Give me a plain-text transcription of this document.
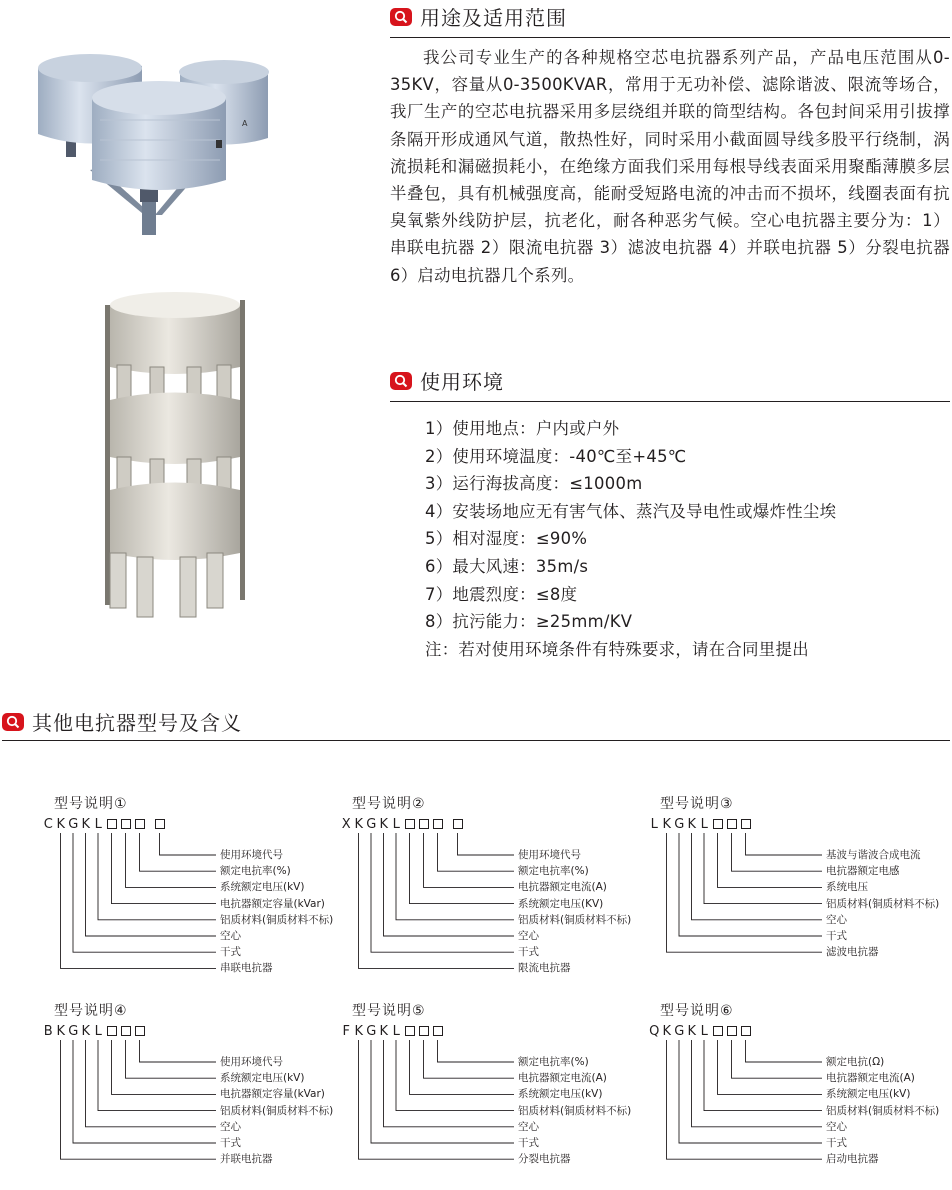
A
用途及适用范围
我公司专业生产的各种规格空芯电抗器系列产品，产品电压范围从0-35KV，容量从0-3500KVAR，常用于无功补偿、滤除谐波、限流等场合，我厂生产的空芯电抗器采用多层绕组并联的筒型结构。各包封间采用引拔撑条隔开形成通风气道，散热性好，同时采用小截面圆导线多股平行绕制，涡流损耗和漏磁损耗小，在绝缘方面我们采用每根导线表面采用聚酯薄膜多层半叠包，具有机械强度高，能耐受短路电流的冲击而不损坏，线圈表面有抗臭氧紫外线防护层，抗老化，耐各种恶劣气候。空心电抗器主要分为：1）串联电抗器 2）限流电抗器 3）滤波电抗器 4）并联电抗器 5）分裂电抗器 6）启动电抗器几个系列。
使用环境
1）使用地点：户内或户外
2）使用环境温度：-40℃至+45℃
3）运行海拔高度：≤1000m
4）安装场地应无有害气体、蒸汽及导电性或爆炸性尘埃
5）相对湿度：≤90%
6）最大风速：35m/s
7）地震烈度：≤8度
8）抗污能力：≥25mm/KV
注：若对使用环境条件有特殊要求，请在合同里提出
其他电抗器型号及含义
型号说明①
C K G K L
使用环境代号
额定电抗率(%)
系统额定电压(kV)
电抗器额定容量(kVar)
铝质材料(铜质材料不标)
空心
干式
串联电抗器
型号说明②
X K G K L
使用环境代号
额定电抗率(%)
电抗器额定电流(A)
系统额定电压(KV)
铝质材料(铜质材料不标)
空心
干式
限流电抗器
型号说明③
L K G K L
基波与谐波合成电流
电抗器额定电感
系统电压
铝质材料(铜质材料不标)
空心
干式
滤波电抗器
型号说明④
B K G K L
使用环境代号
系统额定电压(kV)
电抗器额定容量(kVar)
铝质材料(铜质材料不标)
空心
干式
并联电抗器
型号说明⑤
F K G K L
额定电抗率(%)
电抗器额定电流(A)
系统额定电压(kV)
铝质材料(铜质材料不标)
空心
干式
分裂电抗器
型号说明⑥
Q K G K L
额定电抗(Ω)
电抗器额定电流(A)
系统额定电压(kV)
铝质材料(铜质材料不标)
空心
干式
启动电抗器
